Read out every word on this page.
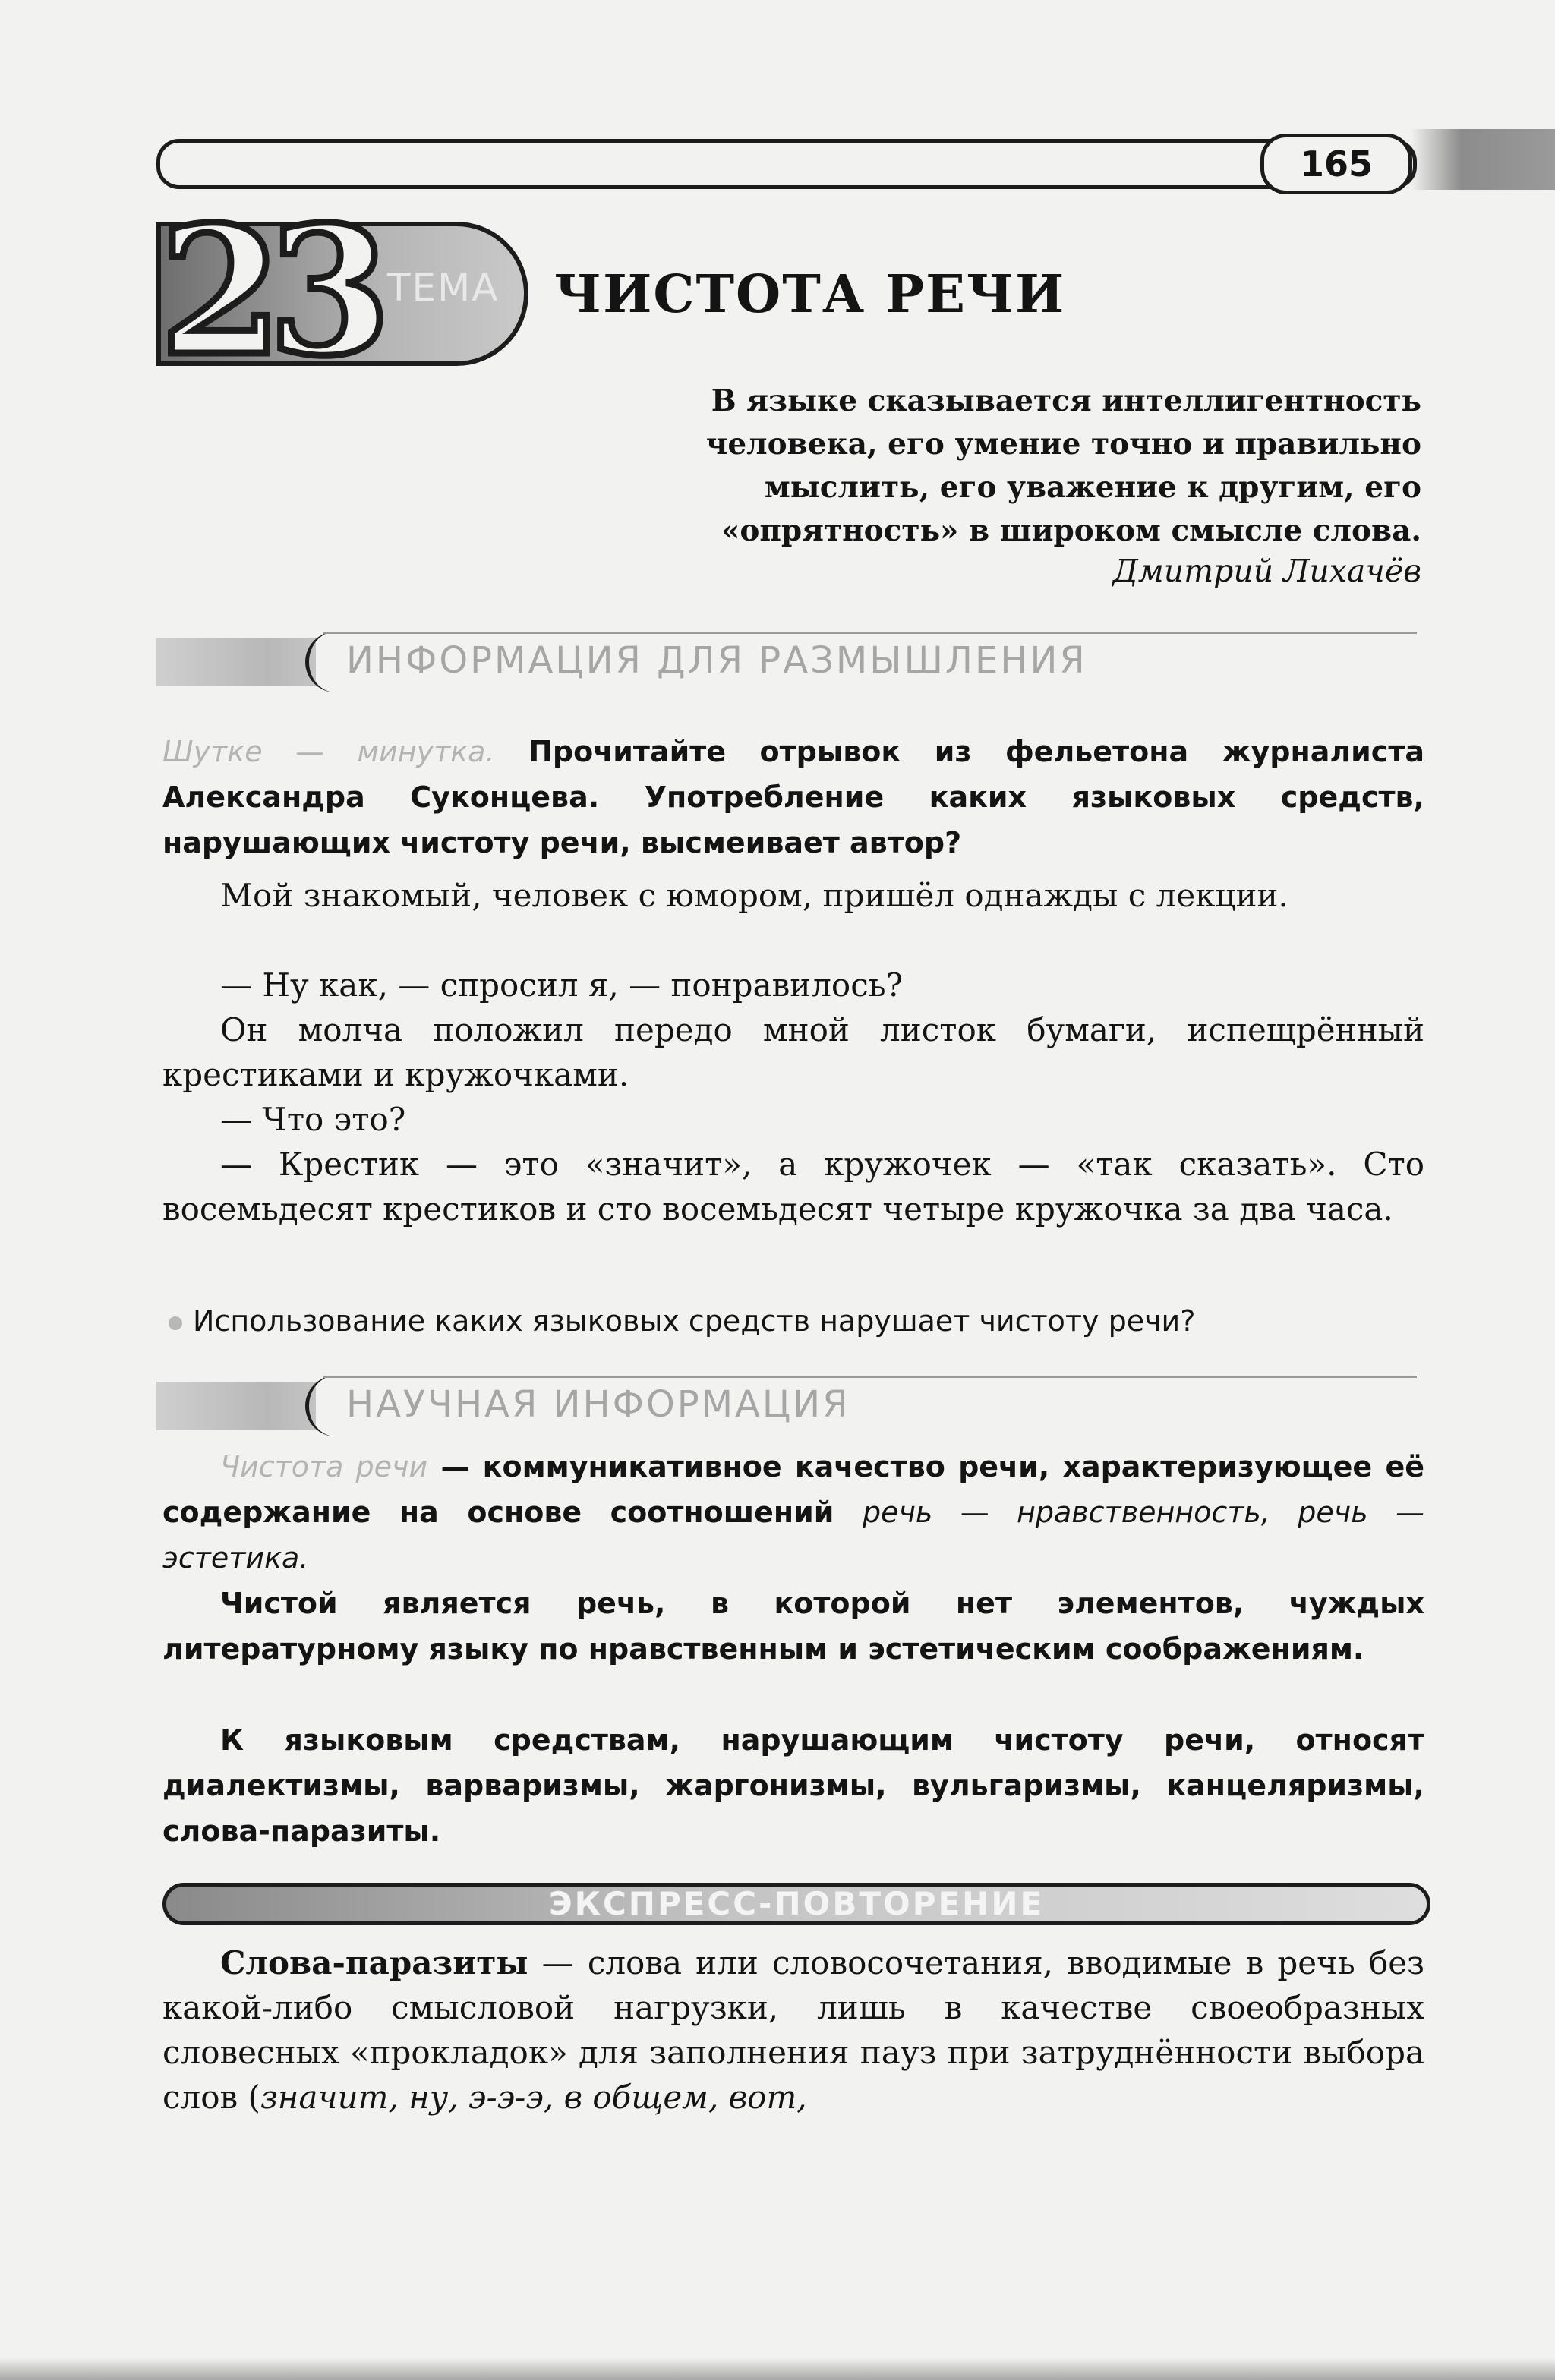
165
23 ТЕМА	ЧИСТОТА РЕЧИ
В языке сказывается интеллигентность человека, его умение точно и правильно мыслить, его уважение к другим, его «опрятность» в широком смысле слова.
Дмитрий Лихачёв
ИНФОРМАЦИЯ ДЛЯ РАЗМЫШЛЕНИЯ
Шутке — минутка. Прочитайте отрывок из фельетона журналиста Александра Суконцева. Употребление каких языковых средств, нарушающих чистоту речи, высмеивает автор?
Мой знакомый, человек с юмором, пришёл однажды с лекции.
— Ну как, — спросил я, — понравилось?
Он молча положил передо мной листок бумаги, испещрённый крестиками и кружочками.
— Что это?
— Крестик — это «значит», а кружочек — «так сказать». Сто восемьдесят крестиков и сто восемьдесят четыре кружочка за два часа.
Использование каких языковых средств нарушает чистоту речи?
НАУЧНАЯ ИНФОРМАЦИЯ
Чистота речи — коммуникативное качество речи, характеризующее её содержание на основе соотношений речь — нравственность, речь — эстетика.
Чистой является речь, в которой нет элементов, чуждых литературному языку по нравственным и эстетическим соображениям.
К языковым средствам, нарушающим чистоту речи, относят диалектизмы, варваризмы, жаргонизмы, вульгаризмы, канцеляризмы, слова-паразиты.
ЭКСПРЕСС-ПОВТОРЕНИЕ
Слова-паразиты — слова или словосочетания, вводимые в речь без какой-либо смысловой нагрузки, лишь в качестве своеобразных словесных «прокладок» для заполнения пауз при затруднённости выбора слов (значит, ну, э-э-э, в общем, вот,
